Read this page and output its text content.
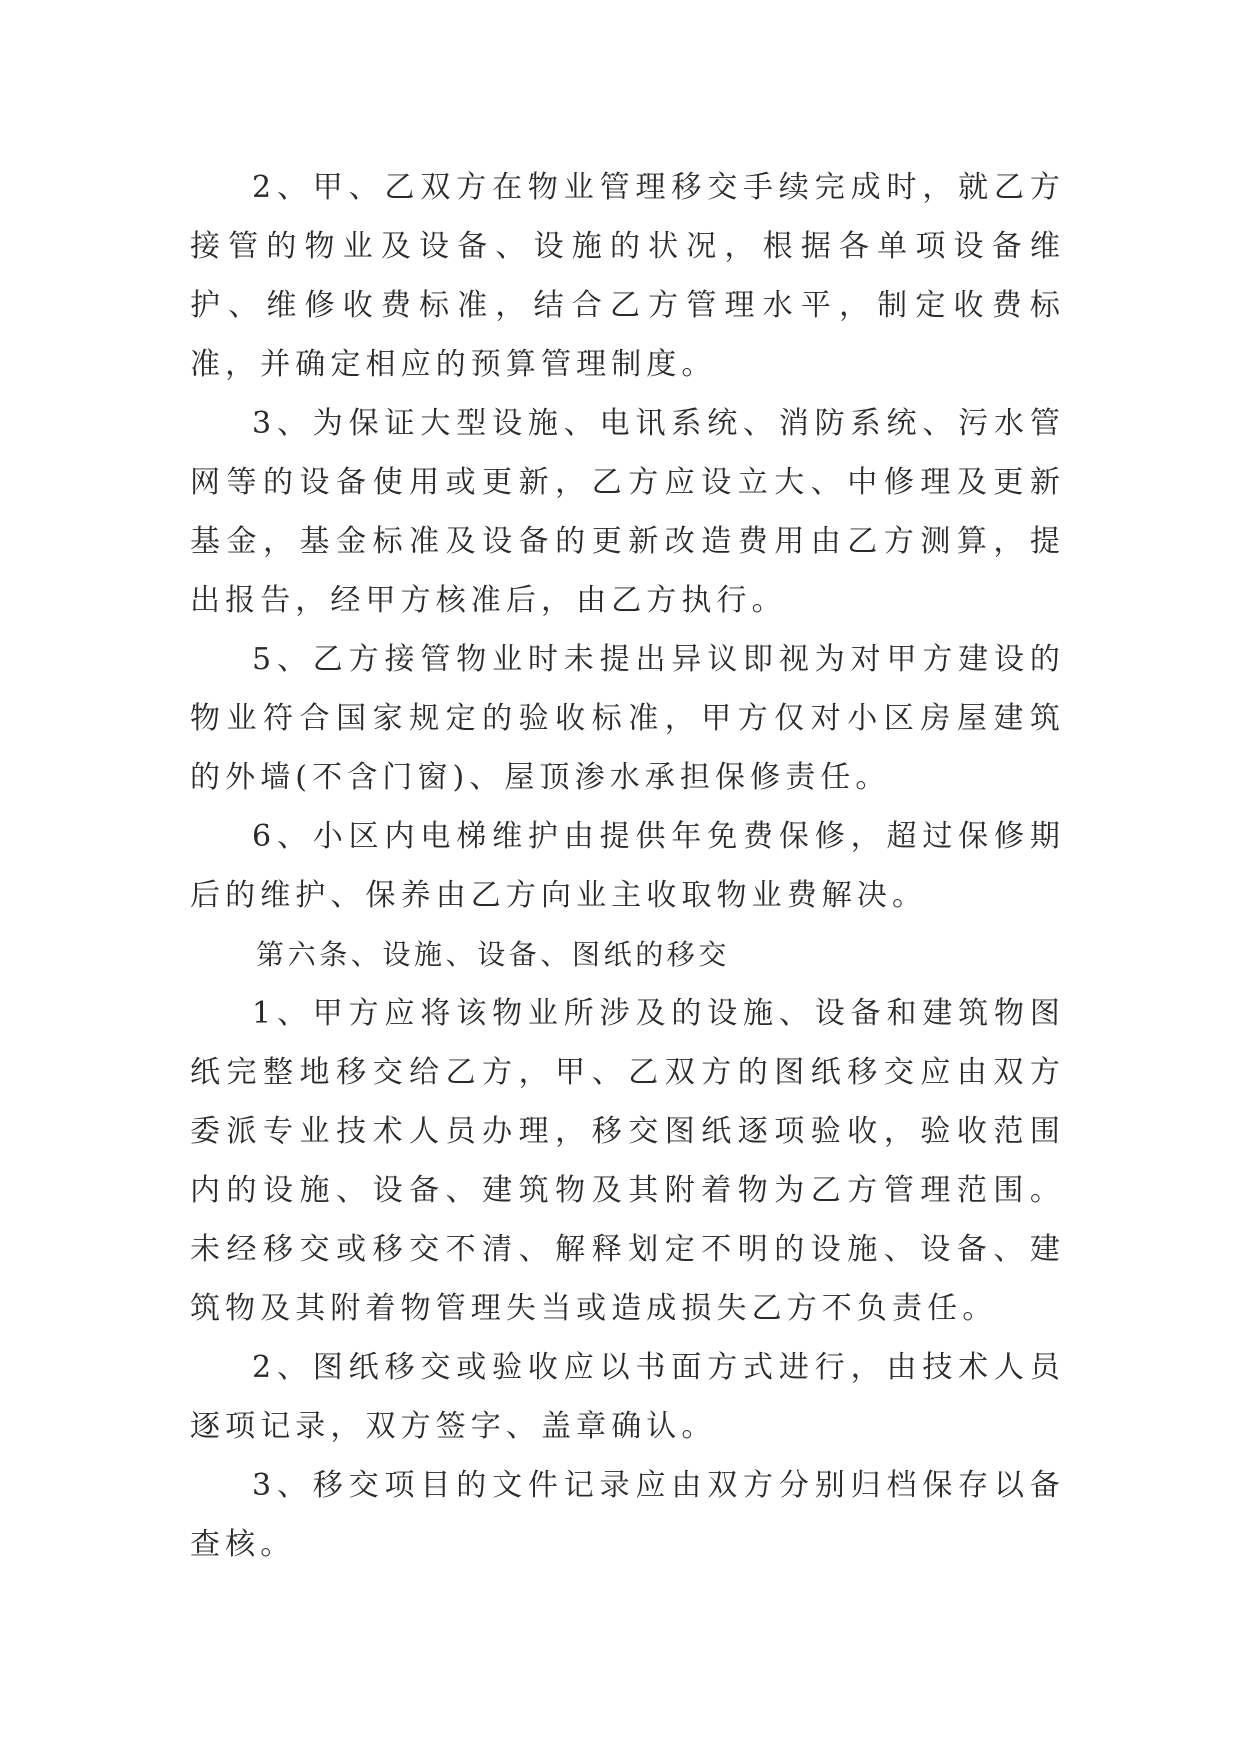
2、甲、乙双方在物业管理移交手续完成时，就乙方接管的物业及设备、设施的状况，根据各单项设备维护、维修收费标准，结合乙方管理水平，制定收费标准，并确定相应的预算管理制度。

3、为保证大型设施、电讯系统、消防系统、污水管网等的设备使用或更新，乙方应设立大、中修理及更新基金，基金标准及设备的更新改造费用由乙方测算，提出报告，经甲方核准后，由乙方执行。

5、乙方接管物业时未提出异议即视为对甲方建设的物业符合国家规定的验收标准，甲方仅对小区房屋建筑的外墙(不含门窗)、屋顶渗水承担保修责任。

6、小区内电梯维护由提供年免费保修，超过保修期后的维护、保养由乙方向业主收取物业费解决。

第六条、设施、设备、图纸的移交

1、甲方应将该物业所涉及的设施、设备和建筑物图纸完整地移交给乙方，甲、乙双方的图纸移交应由双方委派专业技术人员办理，移交图纸逐项验收，验收范围内的设施、设备、建筑物及其附着物为乙方管理范围。未经移交或移交不清、解释划定不明的设施、设备、建筑物及其附着物管理失当或造成损失乙方不负责任。

2、图纸移交或验收应以书面方式进行，由技术人员逐项记录，双方签字、盖章确认。

3、移交项目的文件记录应由双方分别归档保存以备查核。
